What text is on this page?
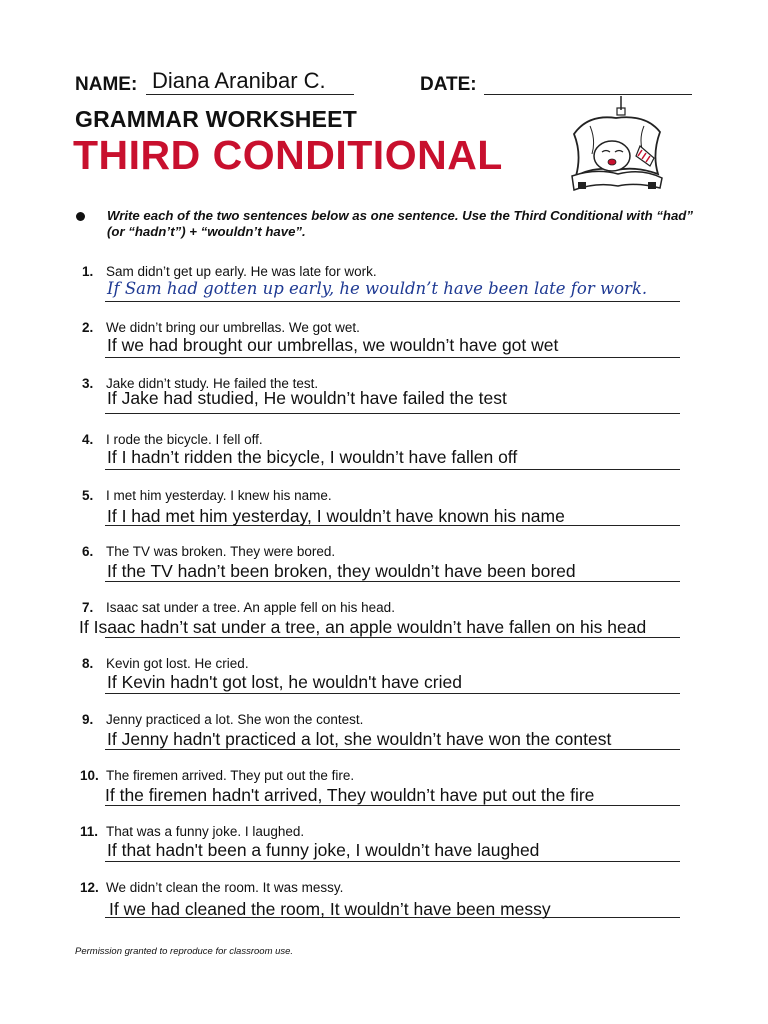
NAME: Diana Aranibar C.	DATE:
GRAMMAR WORKSHEET
THIRD CONDITIONAL
Write each of the two sentences below as one sentence. Use the Third Conditional with “had” (or “hadn’t”) + “wouldn’t have”.
1. Sam didn’t get up early. He was late for work.
If Sam had gotten up early, he wouldn’t have been late for work.
2. We didn’t bring our umbrellas. We got wet.
If we had brought our umbrellas, we wouldn’t have got wet
3. Jake didn’t study. He failed the test.
If Jake had studied, He wouldn’t have failed the test
4. I rode the bicycle. I fell off.
If I hadn’t ridden the bicycle, I wouldn’t have fallen off
5. I met him yesterday. I knew his name.
If I had met him yesterday, I wouldn’t have known his name
6. The TV was broken. They were bored.
If the TV hadn’t been broken, they wouldn’t have been bored
7. Isaac sat under a tree. An apple fell on his head.
If Isaac hadn’t sat under a tree, an apple wouldn’t have fallen on his head
8. Kevin got lost. He cried.
If Kevin hadn't got lost, he wouldn't have cried
9. Jenny practiced a lot. She won the contest.
If Jenny hadn't practiced a lot, she wouldn’t have won the contest
10. The firemen arrived. They put out the fire.
If the firemen hadn't arrived, They wouldn’t have put out the fire
11. That was a funny joke. I laughed.
If that hadn't been a funny joke, I wouldn’t have laughed
12. We didn’t clean the room. It was messy.
If we had cleaned the room, It wouldn’t have been messy
Permission granted to reproduce for classroom use.
